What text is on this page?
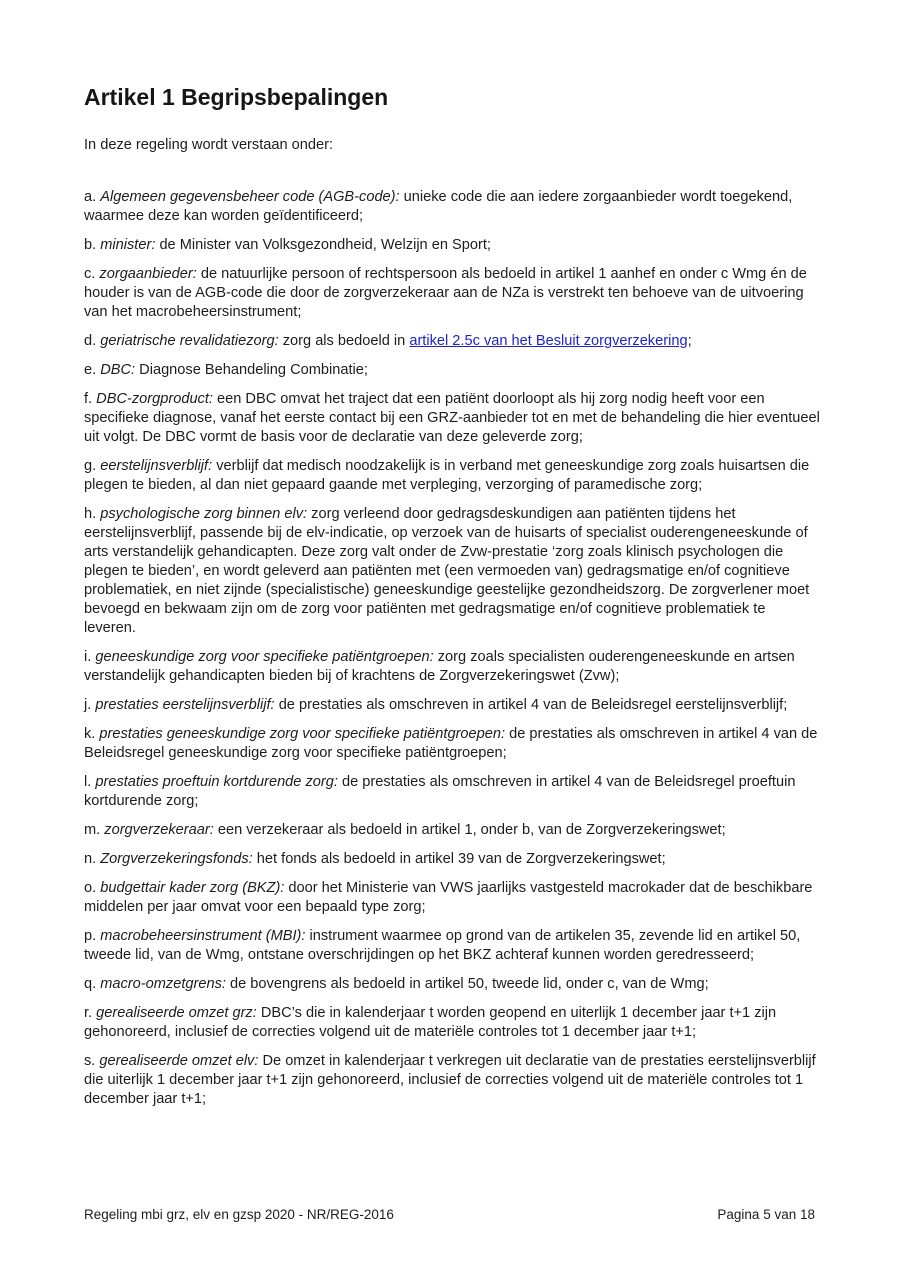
Artikel 1 Begripsbepalingen

In deze regeling wordt verstaan onder:

a. Algemeen gegevensbeheer code (AGB-code): unieke code die aan iedere zorgaanbieder wordt toegekend, waarmee deze kan worden geïdentificeerd;

b. minister: de Minister van Volksgezondheid, Welzijn en Sport;

c. zorgaanbieder: de natuurlijke persoon of rechtspersoon als bedoeld in artikel 1 aanhef en onder c Wmg én de houder is van de AGB-code die door de zorgverzekeraar aan de NZa is verstrekt ten behoeve van de uitvoering van het macrobeheersinstrument;

d. geriatrische revalidatiezorg: zorg als bedoeld in artikel 2.5c van het Besluit zorgverzekering;

e. DBC: Diagnose Behandeling Combinatie;

f. DBC-zorgproduct: een DBC omvat het traject dat een patiënt doorloopt als hij zorg nodig heeft voor een specifieke diagnose, vanaf het eerste contact bij een GRZ-aanbieder tot en met de behandeling die hier eventueel uit volgt. De DBC vormt de basis voor de declaratie van deze geleverde zorg;

g. eerstelijnsverblijf: verblijf dat medisch noodzakelijk is in verband met geneeskundige zorg zoals huisartsen die plegen te bieden, al dan niet gepaard gaande met verpleging, verzorging of paramedische zorg;

h. psychologische zorg binnen elv: zorg verleend door gedragsdeskundigen aan patiënten tijdens het eerstelijnsverblijf, passende bij de elv-indicatie, op verzoek van de huisarts of specialist ouderengeneeskunde of arts verstandelijk gehandicapten. Deze zorg valt onder de Zvw-prestatie ‘zorg zoals klinisch psychologen die plegen te bieden’, en wordt geleverd aan patiënten met (een vermoeden van) gedragsmatige en/of cognitieve problematiek, en niet zijnde (specialistische) geneeskundige geestelijke gezondheidszorg. De zorgverlener moet bevoegd en bekwaam zijn om de zorg voor patiënten met gedragsmatige en/of cognitieve problematiek te leveren.

i. geneeskundige zorg voor specifieke patiëntgroepen: zorg zoals specialisten ouderengeneeskunde en artsen verstandelijk gehandicapten bieden bij of krachtens de Zorgverzekeringswet (Zvw);

j. prestaties eerstelijnsverblijf: de prestaties als omschreven in artikel 4 van de Beleidsregel eerstelijnsverblijf;

k. prestaties geneeskundige zorg voor specifieke patiëntgroepen: de prestaties als omschreven in artikel 4 van de Beleidsregel geneeskundige zorg voor specifieke patiëntgroepen;

l. prestaties proeftuin kortdurende zorg: de prestaties als omschreven in artikel 4 van de Beleidsregel proeftuin kortdurende zorg;

m. zorgverzekeraar: een verzekeraar als bedoeld in artikel 1, onder b, van de Zorgverzekeringswet;

n. Zorgverzekeringsfonds: het fonds als bedoeld in artikel 39 van de Zorgverzekeringswet;

o. budgettair kader zorg (BKZ): door het Ministerie van VWS jaarlijks vastgesteld macrokader dat de beschikbare middelen per jaar omvat voor een bepaald type zorg;

p. macrobeheersinstrument (MBI): instrument waarmee op grond van de artikelen 35, zevende lid en artikel 50, tweede lid, van de Wmg, ontstane overschrijdingen op het BKZ achteraf kunnen worden geredresseerd;

q. macro-omzetgrens: de bovengrens als bedoeld in artikel 50, tweede lid, onder c, van de Wmg;

r. gerealiseerde omzet grz: DBC’s die in kalenderjaar t worden geopend en uiterlijk 1 december jaar t+1 zijn gehonoreerd, inclusief de correcties volgend uit de materiële controles tot 1 december jaar t+1;

s. gerealiseerde omzet elv: De omzet in kalenderjaar t verkregen uit declaratie van de prestaties eerstelijnsverblijf die uiterlijk 1 december jaar t+1 zijn gehonoreerd, inclusief de correcties volgend uit de materiële controles tot 1 december jaar t+1;

Regeling mbi grz, elv en gzsp 2020 - NR/REG-2016	Pagina 5 van 18
